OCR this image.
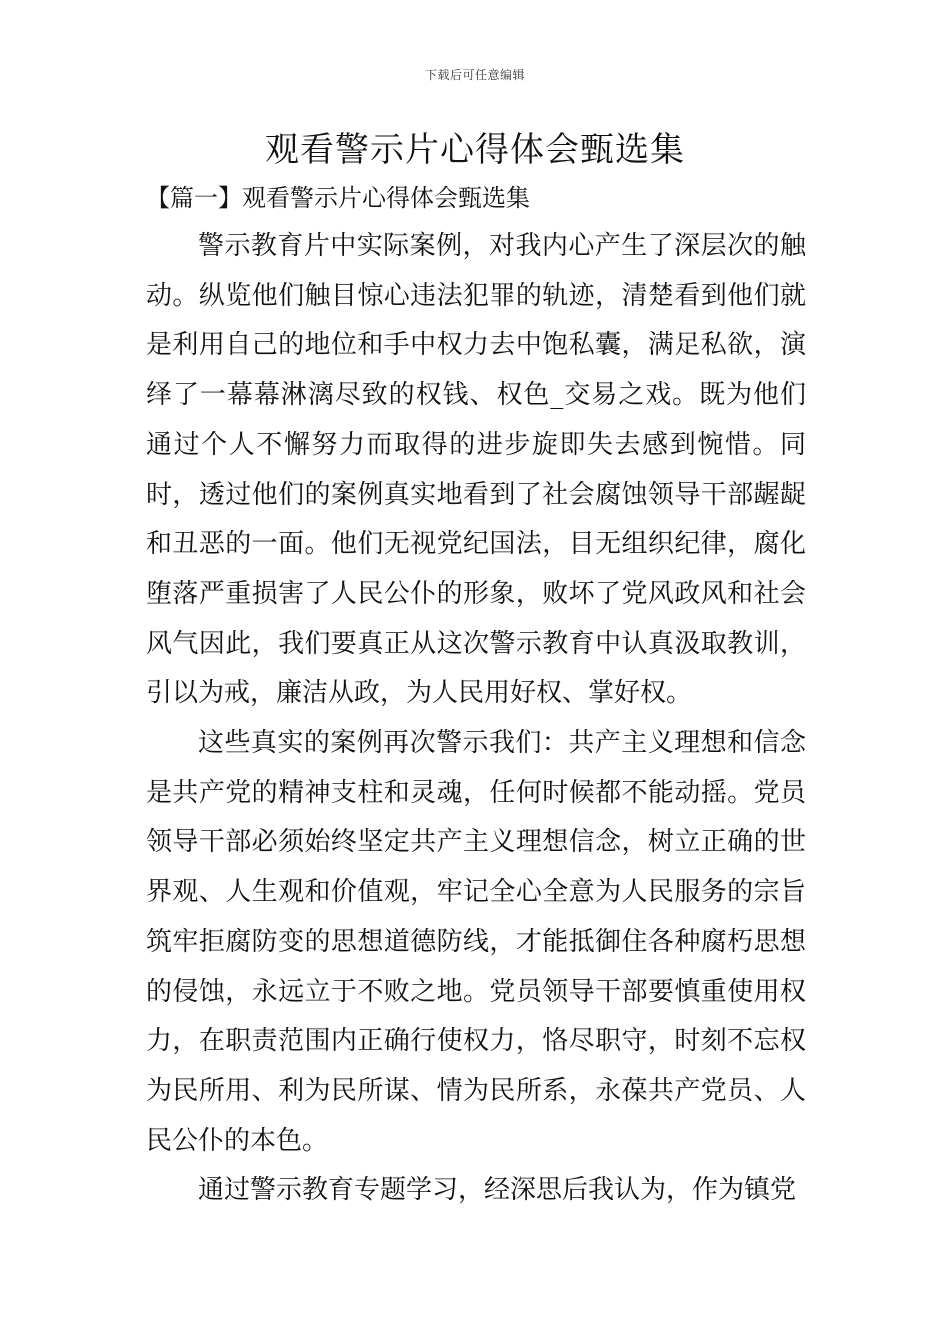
下载后可任意编辑
观看警示片心得体会甄选集
【篇一】观看警示片心得体会甄选集

警示教育片中实际案例，对我内心产生了深层次的触动。纵览他们触目惊心违法犯罪的轨迹，清楚看到他们就是利用自己的地位和手中权力去中饱私囊，满足私欲，演绎了一幕幕淋漓尽致的权钱、权色_交易之戏。既为他们通过个人不懈努力而取得的进步旋即失去感到惋惜。同时，透过他们的案例真实地看到了社会腐蚀领导干部龌龊和丑恶的一面。他们无视党纪国法，目无组织纪律，腐化堕落严重损害了人民公仆的形象，败坏了党风政风和社会风气因此，我们要真正从这次警示教育中认真汲取教训，引以为戒，廉洁从政，为人民用好权、掌好权。

这些真实的案例再次警示我们：共产主义理想和信念是共产党的精神支柱和灵魂，任何时候都不能动摇。党员领导干部必须始终坚定共产主义理想信念，树立正确的世界观、人生观和价值观，牢记全心全意为人民服务的宗旨筑牢拒腐防变的思想道德防线，才能抵御住各种腐朽思想的侵蚀，永远立于不败之地。党员领导干部要慎重使用权力，在职责范围内正确行使权力，恪尽职守，时刻不忘权为民所用、利为民所谋、情为民所系，永葆共产党员、人民公仆的本色。

通过警示教育专题学习，经深思后我认为，作为镇党
